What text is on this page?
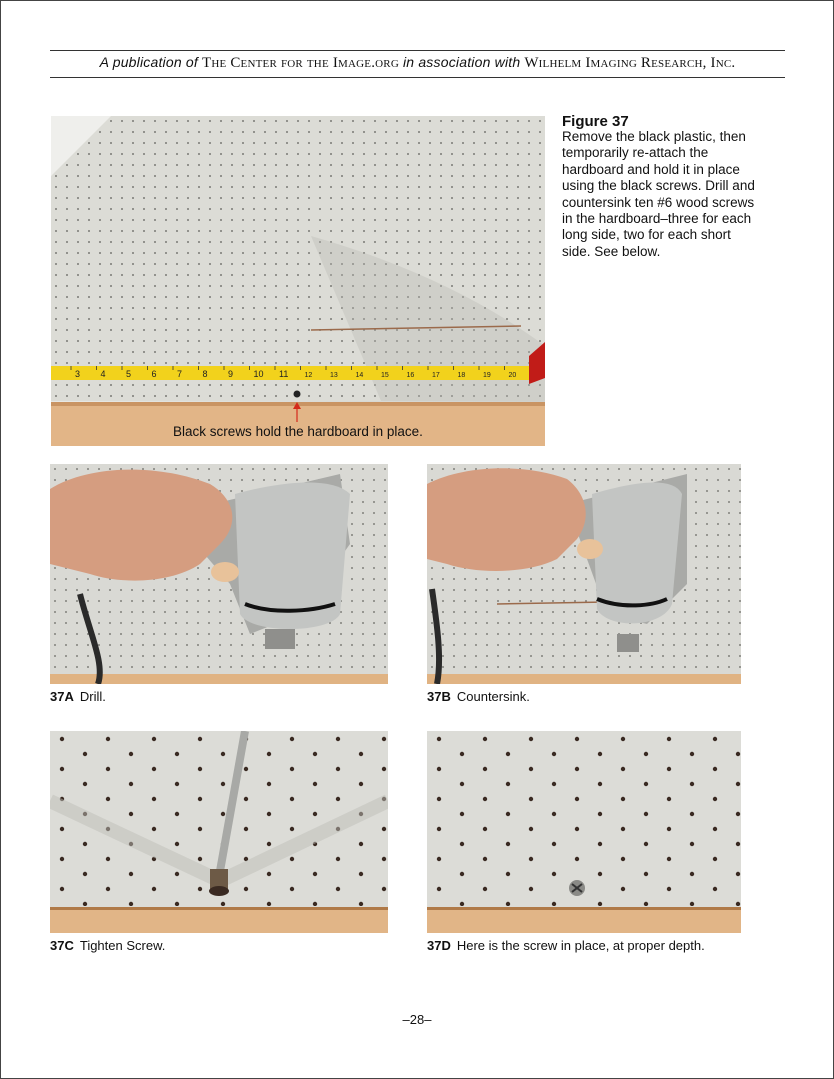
A publication of The Center for the Image.org in association with Wilhelm Imaging Research, Inc.
3 4 5 6 7 8 9 10 11 12	13	14	15	16	17	18	19	20
Black screws hold the hardboard in place.
Figure 37
Remove the black plastic, then temporarily re-attach the hardboard and hold it in place using the black screws. Drill and countersink ten #6 wood screws in the hardboard–three for each long side, two for each short side. See below.
37A Drill.	37B Countersink.
37C Tighten Screw.	37D Here is the screw in place, at proper depth.
–28–
